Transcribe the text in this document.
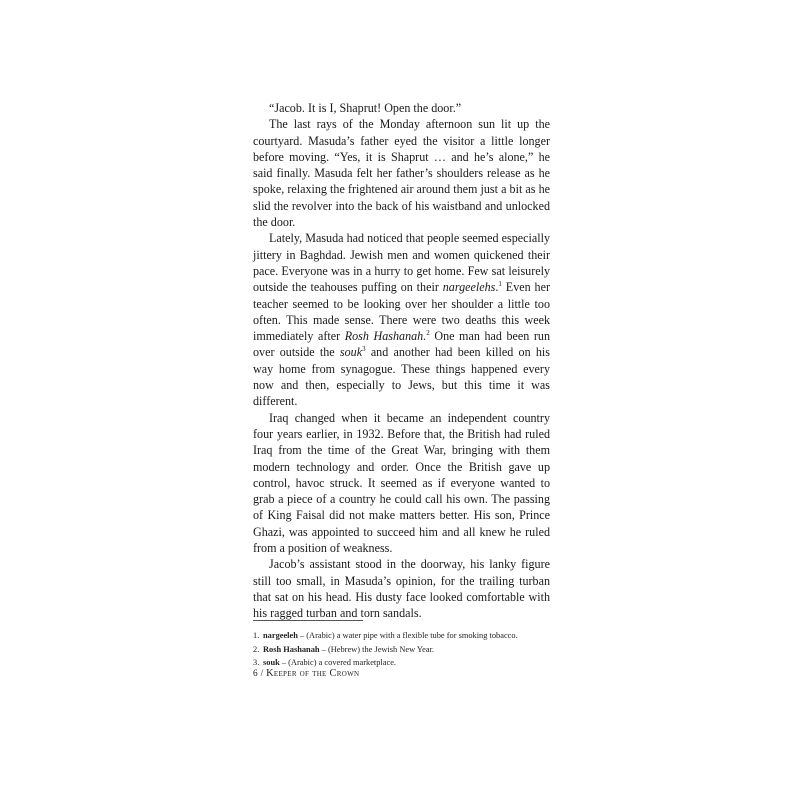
“Jacob. It is I, Shaprut! Open the door.”

The last rays of the Monday afternoon sun lit up the courtyard. Masuda’s father eyed the visitor a little longer before moving. “Yes, it is Shaprut … and he’s alone,” he said finally. Masuda felt her father’s shoulders release as he spoke, relaxing the frightened air around them just a bit as he slid the revolver into the back of his waistband and unlocked the door.

Lately, Masuda had noticed that people seemed especially jittery in Baghdad. Jewish men and women quickened their pace. Everyone was in a hurry to get home. Few sat leisurely outside the teahouses puffing on their nargeelehs.$^1$ Even her teacher seemed to be looking over her shoulder a little too often. This made sense. There were two deaths this week immediately after Rosh Hashanah.$^2$ One man had been run over outside the souk$^3$ and another had been killed on his way home from synagogue. These things happened every now and then, especially to Jews, but this time it was different.

Iraq changed when it became an independent country four years earlier, in 1932. Before that, the British had ruled Iraq from the time of the Great War, bringing with them modern technology and order. Once the British gave up control, havoc struck. It seemed as if everyone wanted to grab a piece of a country he could call his own. The passing of King Faisal did not make matters better. His son, Prince Ghazi, was appointed to succeed him and all knew he ruled from a position of weakness.

Jacob’s assistant stood in the doorway, his lanky figure still too small, in Masuda’s opinion, for the trailing turban that sat on his head. His dusty face looked comfortable with his ragged turban and torn sandals.

1. nargeeleh – (Arabic) a water pipe with a flexible tube for smoking tobacco.

2. Rosh Hashanah – (Hebrew) the Jewish New Year.

3. souk – (Arabic) a covered marketplace.

6 / Keeper of the Crown
